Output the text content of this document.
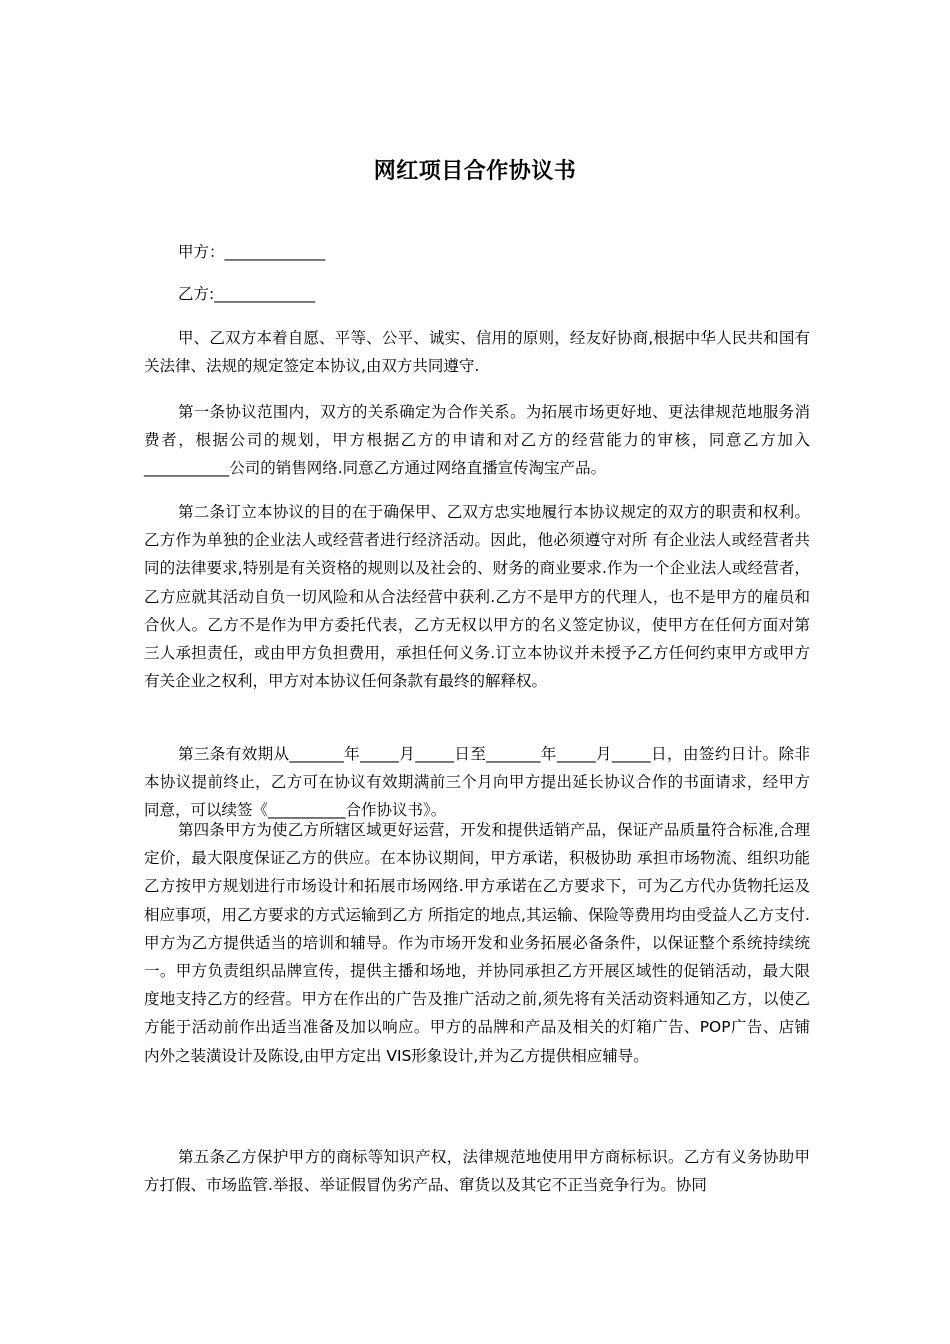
网红项目合作协议书
甲方：_____________
乙方:_____________

甲、乙双方本着自愿、平等、公平、诚实、信用的原则，经友好协商,根据中华人民共和国有关法律、法规的规定签定本协议,由双方共同遵守.

第一条协议范围内，双方的关系确定为合作关系。为拓展市场更好地、更法律规范地服务消费者，根据公司的规划，甲方根据乙方的申请和对乙方的经营能力的审核，同意乙方加入___________公司的销售网络.同意乙方通过网络直播宣传淘宝产品。

第二条订立本协议的目的在于确保甲、乙双方忠实地履行本协议规定的双方的职责和权利。乙方作为单独的企业法人或经营者进行经济活动。因此，他必须遵守对所 有企业法人或经营者共同的法律要求,特别是有关资格的规则以及社会的、财务的商业要求.作为一个企业法人或经营者，乙方应就其活动自负一切风险和从合法经营中获利.乙方不是甲方的代理人，也不是甲方的雇员和合伙人。乙方不是作为甲方委托代表，乙方无权以甲方的名义签定协议，使甲方在任何方面对第三人承担责任，或由甲方负担费用，承担任何义务.订立本协议并未授予乙方任何约束甲方或甲方有关企业之权利，甲方对本协议任何条款有最终的解释权。

第三条有效期从_______年_____月_____日至_______年_____月_____日，由签约日计。除非本协议提前终止，乙方可在协议有效期满前三个月向甲方提出延长协议合作的书面请求，经甲方同意，可以续签《__________合作协议书》。

第四条甲方为使乙方所辖区域更好运营，开发和提供适销产品，保证产品质量符合标准,合理定价，最大限度保证乙方的供应。在本协议期间，甲方承诺，积极协助 承担市场物流、组织功能乙方按甲方规划进行市场设计和拓展市场网络.甲方承诺在乙方要求下，可为乙方代办货物托运及相应事项，用乙方要求的方式运输到乙方 所指定的地点,其运输、保险等费用均由受益人乙方支付.甲方为乙方提供适当的培训和辅导。作为市场开发和业务拓展必备条件，以保证整个系统持续统一。甲方负责组织品牌宣传，提供主播和场地，并协同承担乙方开展区域性的促销活动，最大限度地支持乙方的经营。甲方在作出的广告及推广活动之前,须先将有关活动资料通知乙方，以使乙方能于活动前作出适当准备及加以响应。甲方的品牌和产品及相关的灯箱广告、POP广告、店铺内外之装潢设计及陈设,由甲方定出 VIS形象设计,并为乙方提供相应辅导。

第五条乙方保护甲方的商标等知识产权，法律规范地使用甲方商标标识。乙方有义务协助甲方打假、市场监管.举报、举证假冒伪劣产品、窜货以及其它不正当竞争行为。协同
